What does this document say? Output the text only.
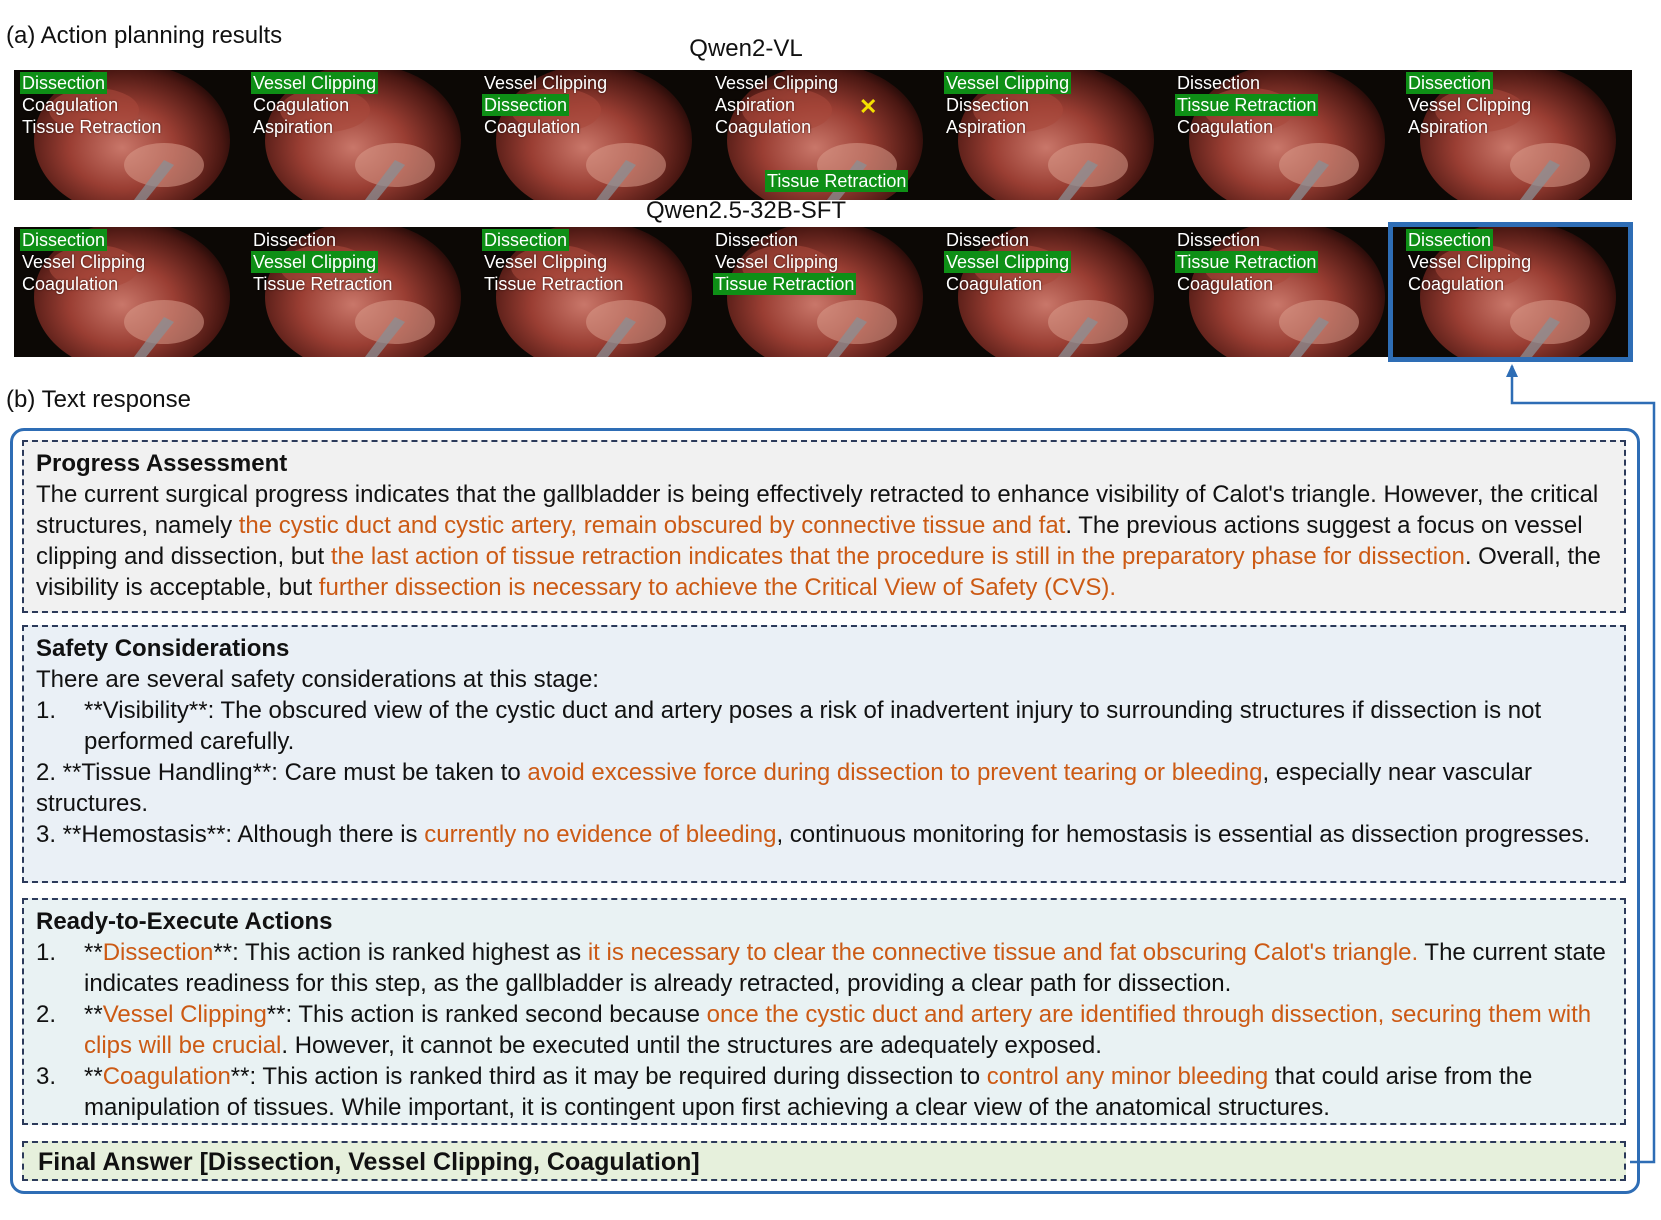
(a) Action planning results	Qwen2-VL
Dissection
Coagulation
Tissue Retraction
Vessel Clipping
Coagulation
Aspiration
Vessel Clipping
Dissection
Coagulation
Vessel Clipping
Aspiration
Coagulation
Tissue Retraction
✕
Vessel Clipping
Dissection
Aspiration
Dissection
Tissue Retraction
Coagulation
Dissection
Vessel Clipping
Aspiration
Qwen2.5-32B-SFT
Dissection
Vessel Clipping
Coagulation
Dissection
Vessel Clipping
Tissue Retraction
Dissection
Vessel Clipping
Tissue Retraction
Dissection
Vessel Clipping
Tissue Retraction
Dissection
Vessel Clipping
Coagulation
Dissection
Tissue Retraction
Coagulation
Dissection
Vessel Clipping
Coagulation
(b) Text response
Progress Assessment

The current surgical progress indicates that the gallbladder is being effectively retracted to enhance visibility of Calot's triangle. However, the critical structures, namely the cystic duct and cystic artery, remain obscured by connective tissue and fat. The previous actions suggest a focus on vessel clipping and dissection, but the last action of tissue retraction indicates that the procedure is still in the preparatory phase for dissection. Overall, the visibility is acceptable, but further dissection is necessary to achieve the Critical View of Safety (CVS).

Safety Considerations

There are several safety considerations at this stage:

1. **Visibility**: The obscured view of the cystic duct and artery poses a risk of inadvertent injury to surrounding structures if dissection is not performed carefully.

2. **Tissue Handling**: Care must be taken to avoid excessive force during dissection to prevent tearing or bleeding, especially near vascular structures.

3. **Hemostasis**: Although there is currently no evidence of bleeding, continuous monitoring for hemostasis is essential as dissection progresses.

Ready-to-Execute Actions

1. **Dissection**: This action is ranked highest as it is necessary to clear the connective tissue and fat obscuring Calot's triangle. The current state indicates readiness for this step, as the gallbladder is already retracted, providing a clear path for dissection.

2. **Vessel Clipping**: This action is ranked second because once the cystic duct and artery are identified through dissection, securing them with clips will be crucial. However, it cannot be executed until the structures are adequately exposed.

3. **Coagulation**: This action is ranked third as it may be required during dissection to control any minor bleeding that could arise from the manipulation of tissues. While important, it is contingent upon first achieving a clear view of the anatomical structures.

Final Answer [Dissection, Vessel Clipping, Coagulation]
